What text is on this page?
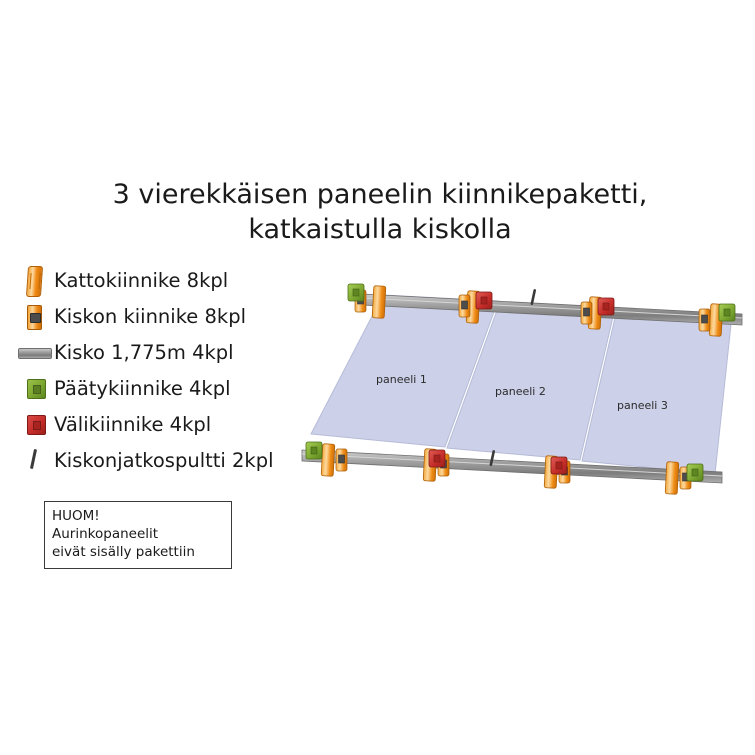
3 vierekkäisen paneelin kiinnikepaketti,
katkaistulla kiskolla
Kattokiinnike 8kpl
Kiskon kiinnike 8kpl
Kisko 1,775m 4kpl
Päätykiinnike 4kpl
Välikiinnike 4kpl
Kiskonjatkospultti 2kpl
HUOM!
Aurinkopaneelit
eivät sisälly pakettiin
paneeli 1
paneeli 2
paneeli 3
